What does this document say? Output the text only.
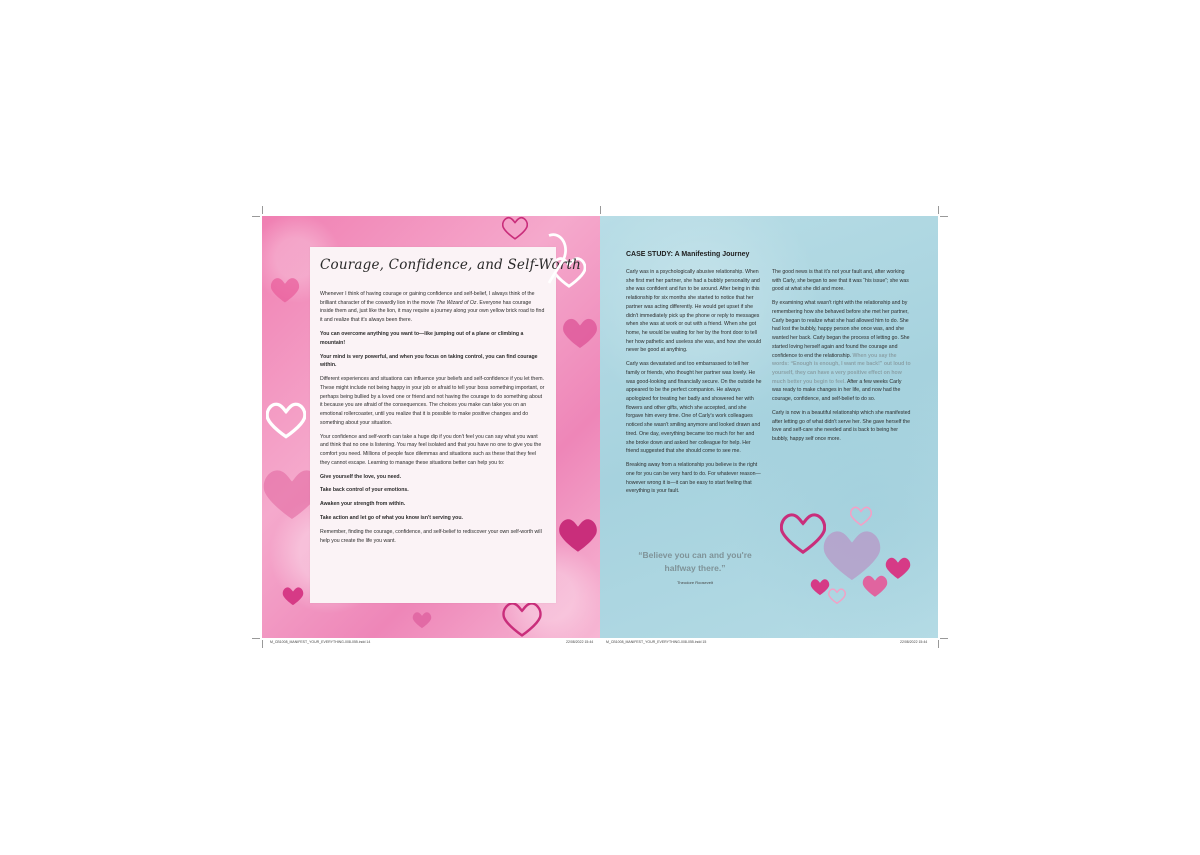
Courage, Confidence, and Self-Worth

Whenever I think of having courage or gaining confidence and self-belief, I always think of the brilliant character of the cowardly lion in the movie The Wizard of Oz. Everyone has courage inside them and, just like the lion, it may require a journey along your own yellow brick road to find it and realize that it's always been there.

You can overcome anything you want to—like jumping out of a plane or climbing a mountain!

Your mind is very powerful, and when you focus on taking control, you can find courage within.

Different experiences and situations can influence your beliefs and self-confidence if you let them. These might include not being happy in your job or afraid to tell your boss something important, or perhaps being bullied by a loved one or friend and not having the courage to do something about it because you are afraid of the consequences. The choices you make can take you on an emotional rollercoaster, until you realize that it is possible to make positive changes and do something about your situation.

Your confidence and self-worth can take a huge dip if you don't feel you can say what you want and think that no one is listening. You may feel isolated and that you have no one to give you the comfort you need. Millions of people face dilemmas and situations such as these that they feel they cannot escape. Learning to manage these situations better can help you to:

Give yourself the love, you need.

Take back control of your emotions.

Awaken your strength from within.

Take action and let go of what you know isn't serving you.

Remember, finding the courage, confidence, and self-belief to rediscover your own self-worth will help you create the life you want.

CASE STUDY: A Manifesting Journey

Carly was in a psychologically abusive relationship. When she first met her partner, she had a bubbly personality and she was confident and fun to be around. After being in this relationship for six months she started to notice that her partner was acting differently. He would get upset if she didn't immediately pick up the phone or reply to messages when she was at work or out with a friend. When she got home, he would be waiting for her by the front door to tell her how pathetic and useless she was, and how she would never be good at anything.

Carly was devastated and too embarrassed to tell her family or friends, who thought her partner was lovely. He was good-looking and financially secure. On the outside he appeared to be the perfect companion. He always apologized for treating her badly and showered her with flowers and other gifts, which she accepted, and she forgave him every time. One of Carly's work colleagues noticed she wasn't smiling anymore and looked drawn and tired. One day, everything became too much for her and she broke down and asked her colleague for help. Her friend suggested that she should come to see me.

Breaking away from a relationship you believe is the right one for you can be very hard to do. For whatever reason—however wrong it is—it can be easy to start feeling that everything is your fault.

“Believe you can and you're halfway there.”
Theodore Roosevelt

The good news is that it's not your fault and, after working with Carly, she began to see that it was “his issue”; she was good at what she did and more.

By examining what wasn't right with the relationship and by remembering how she behaved before she met her partner, Carly began to realize what she had allowed him to do. She had lost the bubbly, happy person she once was, and she wanted her back. Carly began the process of letting go. She started loving herself again and found the courage and confidence to end the relationship. When you say the words: “Enough is enough, I want me back!” out loud to yourself, they can have a very positive effect on how much better you begin to feel. After a few weeks Carly was ready to make changes in her life, and now had the courage, confidence, and self-belief to do so.

Carly is now in a beautiful relationship which she manifested after letting go of what didn't serve her. She gave herself the love and self-care she needed and is back to being her bubbly, happy self once more.

M_CB1008_MANIFEST_YOUR_EVERYTHING-008-055.indd 14	22/08/2022 15:44	M_CB1008_MANIFEST_YOUR_EVERYTHING-008-055.indd 15	22/08/2022 15:44
